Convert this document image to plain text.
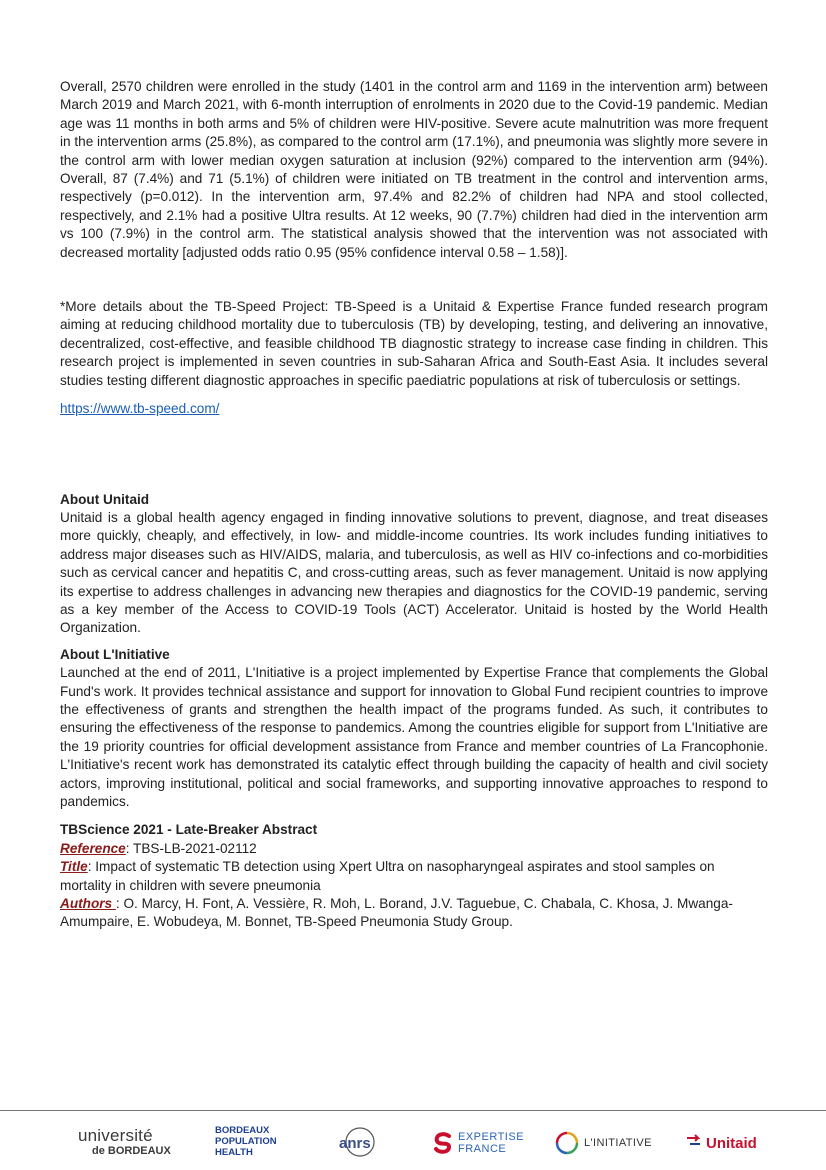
Overall, 2570 children were enrolled in the study (1401 in the control arm and 1169 in the intervention arm) between March 2019 and March 2021, with 6-month interruption of enrolments in 2020 due to the Covid-19 pandemic. Median age was 11 months in both arms and 5% of children were HIV-positive. Severe acute malnutrition was more frequent in the intervention arms (25.8%), as compared to the control arm (17.1%), and pneumonia was slightly more severe in the control arm with lower median oxygen saturation at inclusion (92%) compared to the intervention arm (94%). Overall, 87 (7.4%) and 71 (5.1%) of children were initiated on TB treatment in the control and intervention arms, respectively (p=0.012). In the intervention arm, 97.4% and 82.2% of children had NPA and stool collected, respectively, and 2.1% had a positive Ultra results. At 12 weeks, 90 (7.7%) children had died in the intervention arm vs 100 (7.9%) in the control arm. The statistical analysis showed that the intervention was not associated with decreased mortality [adjusted odds ratio 0.95 (95% confidence interval 0.58 – 1.58)].

*More details about the TB-Speed Project: TB-Speed is a Unitaid & Expertise France funded research program aiming at reducing childhood mortality due to tuberculosis (TB) by developing, testing, and delivering an innovative, decentralized, cost-effective, and feasible childhood TB diagnostic strategy to increase case finding in children. This research project is implemented in seven countries in sub-Saharan Africa and South-East Asia. It includes several studies testing different diagnostic approaches in specific paediatric populations at risk of tuberculosis or settings.

https://www.tb-speed.com/
About Unitaid

Unitaid is a global health agency engaged in finding innovative solutions to prevent, diagnose, and treat diseases more quickly, cheaply, and effectively, in low- and middle-income countries. Its work includes funding initiatives to address major diseases such as HIV/AIDS, malaria, and tuberculosis, as well as HIV co-infections and co-morbidities such as cervical cancer and hepatitis C, and cross-cutting areas, such as fever management. Unitaid is now applying its expertise to address challenges in advancing new therapies and diagnostics for the COVID-19 pandemic, serving as a key member of the Access to COVID-19 Tools (ACT) Accelerator. Unitaid is hosted by the World Health Organization.

About L'Initiative

Launched at the end of 2011, L'Initiative is a project implemented by Expertise France that complements the Global Fund's work. It provides technical assistance and support for innovation to Global Fund recipient countries to improve the effectiveness of grants and strengthen the health impact of the programs funded. As such, it contributes to ensuring the effectiveness of the response to pandemics. Among the countries eligible for support from L'Initiative are the 19 priority countries for official development assistance from France and member countries of La Francophonie. L'Initiative's recent work has demonstrated its catalytic effect through building the capacity of health and civil society actors, improving institutional, political and social frameworks, and supporting innovative approaches to respond to pandemics.

TBScience 2021 - Late-Breaker Abstract
Reference: TBS-LB-2021-02112
Title: Impact of systematic TB detection using Xpert Ultra on nasopharyngeal aspirates and stool samples on mortality in children with severe pneumonia
Authors : O. Marcy, H. Font, A. Vessière, R. Moh, L. Borand, J.V. Taguebue, C. Chabala, C. Khosa, J. Mwanga-Amumpaire, E. Wobudeya, M. Bonnet, TB-Speed Pneumonia Study Group.
université
de BORDEAUX
BORDEAUX
POPULATION
HEALTH
anrs	EXPERTISE
FRANCE	L'INITIATIVE	Unitaid
